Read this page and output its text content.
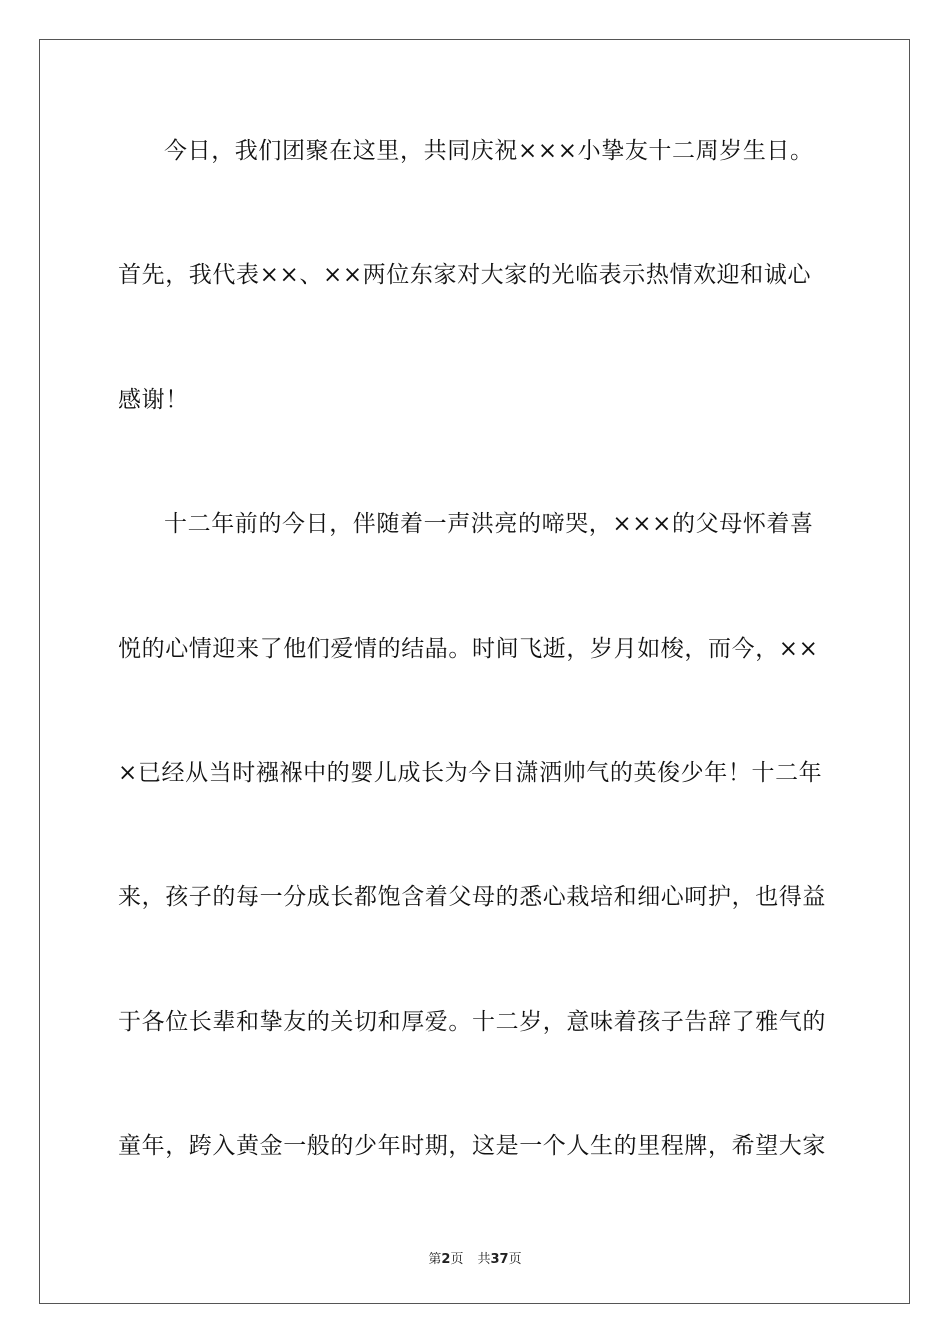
今日，我们团聚在这里，共同庆祝×××小挚友十二周岁生日。
首先，我代表××、××两位东家对大家的光临表示热情欢迎和诚心
感谢！
十二年前的今日，伴随着一声洪亮的啼哭，×××的父母怀着喜
悦的心情迎来了他们爱情的结晶。时间飞逝，岁月如梭，而今，××
×已经从当时襁褓中的婴儿成长为今日潇洒帅气的英俊少年！十二年
来，孩子的每一分成长都饱含着父母的悉心栽培和细心呵护，也得益
于各位长辈和挚友的关切和厚爱。十二岁，意味着孩子告辞了雅气的
童年，跨入黄金一般的少年时期，这是一个人生的里程牌，希望大家
第2页 共37页
